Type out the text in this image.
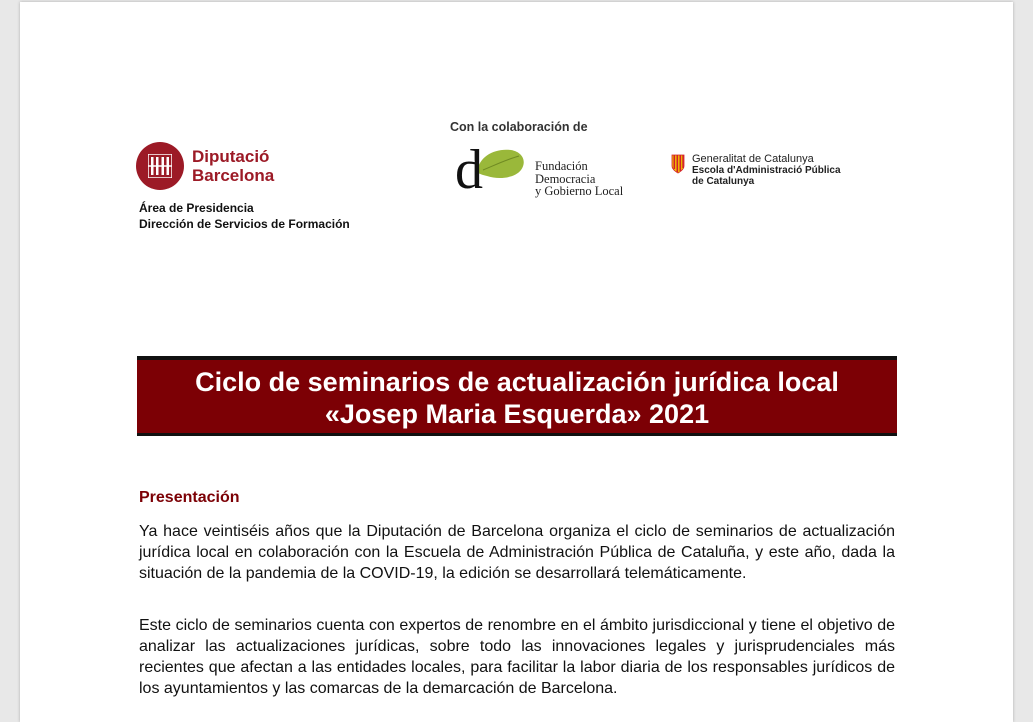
Diputació
Barcelona
Área de Presidencia
Dirección de Servicios de Formación
Con la colaboración de
d	Fundación
Democracia
y Gobierno Local
Generalitat de Catalunya
Escola d'Administració Pública
de Catalunya
Ciclo de seminarios de actualización jurídica local
«Josep Maria Esquerda» 2021
Presentación
Ya hace veintiséis años que la Diputación de Barcelona organiza el ciclo de seminarios de actualización jurídica local en colaboración con la Escuela de Administración Pública de Cataluña, y este año, dada la situación de la pandemia de la COVID-19, la edición se desarrollará telemáticamente.
Este ciclo de seminarios cuenta con expertos de renombre en el ámbito jurisdiccional y tiene el objetivo de analizar las actualizaciones jurídicas, sobre todo las innovaciones legales y jurisprudenciales más recientes que afectan a las entidades locales, para facilitar la labor diaria de los responsables jurídicos de los ayuntamientos y las comarcas de la demarcación de Barcelona.
